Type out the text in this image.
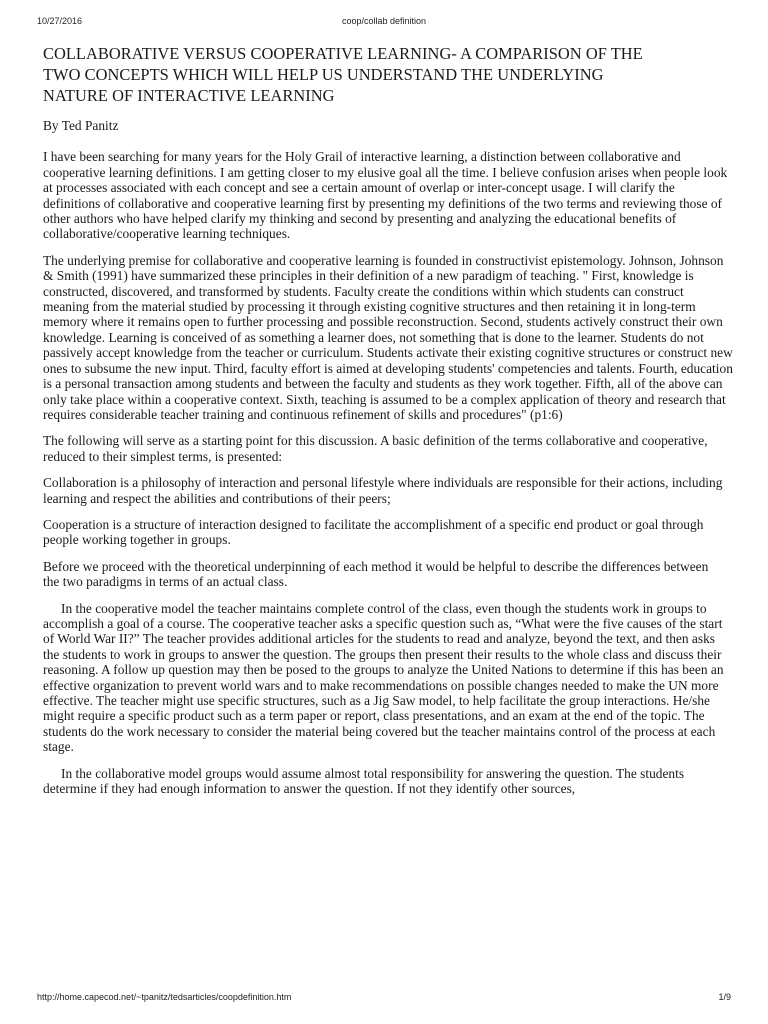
10/27/2016	coop/collab definition
COLLABORATIVE VERSUS COOPERATIVE LEARNING- A COMPARISON OF THE
TWO CONCEPTS WHICH WILL HELP US UNDERSTAND THE UNDERLYING
NATURE OF INTERACTIVE LEARNING

By Ted Panitz

I have been searching for many years for the Holy Grail of interactive learning, a distinction between collaborative and cooperative learning definitions. I am getting closer to my elusive goal all the time. I believe confusion arises when people look at processes associated with each concept and see a certain amount of overlap or inter-concept usage. I will clarify the definitions of collaborative and cooperative learning first by presenting my definitions of the two terms and reviewing those of other authors who have helped clarify my thinking and second by presenting and analyzing the educational benefits of collaborative/cooperative learning techniques.

The underlying premise for collaborative and cooperative learning is founded in constructivist epistemology. Johnson, Johnson & Smith (1991) have summarized these principles in their definition of a new paradigm of teaching. " First, knowledge is constructed, discovered, and transformed by students. Faculty create the conditions within which students can construct meaning from the material studied by processing it through existing cognitive structures and then retaining it in long-term memory where it remains open to further processing and possible reconstruction. Second, students actively construct their own knowledge. Learning is conceived of as something a learner does, not something that is done to the learner. Students do not passively accept knowledge from the teacher or curriculum. Students activate their existing cognitive structures or construct new ones to subsume the new input. Third, faculty effort is aimed at developing students' competencies and talents. Fourth, education is a personal transaction among students and between the faculty and students as they work together. Fifth, all of the above can only take place within a cooperative context. Sixth, teaching is assumed to be a complex application of theory and research that requires considerable teacher training and continuous refinement of skills and procedures" (p1:6)

The following will serve as a starting point for this discussion. A basic definition of the terms collaborative and cooperative, reduced to their simplest terms, is presented:

Collaboration is a philosophy of interaction and personal lifestyle where individuals are responsible for their actions, including learning and respect the abilities and contributions of their peers;

Cooperation is a structure of interaction designed to facilitate the accomplishment of a specific end product or goal through people working together in groups.

Before we proceed with the theoretical underpinning of each method it would be helpful to describe the differences between
the two paradigms in terms of an actual class.

In the cooperative model the teacher maintains complete control of the class, even though the students work in groups to accomplish a goal of a course. The cooperative teacher asks a specific question such as, “What were the five causes of the start of World War II?” The teacher provides additional articles for the students to read and analyze, beyond the text, and then asks the students to work in groups to answer the question. The groups then present their results to the whole class and discuss their reasoning. A follow up question may then be posed to the groups to analyze the United Nations to determine if this has been an effective organization to prevent world wars and to make recommendations on possible changes needed to make the UN more effective. The teacher might use specific structures, such as a Jig Saw model, to help facilitate the group interactions. He/she might require a specific product such as a term paper or report, class presentations, and an exam at the end of the topic. The students do the work necessary to consider the material being covered but the teacher maintains control of the process at each stage.

In the collaborative model groups would assume almost total responsibility for answering the question. The students determine if they had enough information to answer the question. If not they identify other sources,

http://home.capecod.net/~tpanitz/tedsarticles/coopdefinition.htm	1/9
